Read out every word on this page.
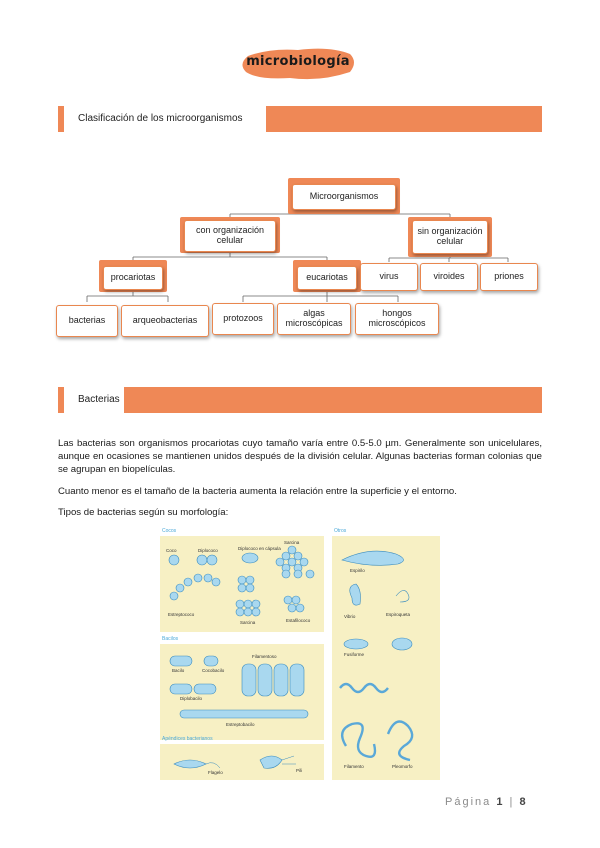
microbiología
Clasificación de los microorganismos
Microorganismos
con organización celular
sin organización celular
procariotas	eucariotas	virus	viroides	priones
bacterias	arqueobacterias	protozoos	algas microscópicas
hongos microscópicos
Bacterias

Las bacterias son organismos procariotas cuyo tamaño varía entre 0.5-5.0 µm. Generalmente son unicelulares, aunque en ocasiones se mantienen unidos después de la división celular. Algunas bacterias forman colonias que se agrupan en biopelículas.

Cuanto menor es el tamaño de la bacteria aumenta la relación entre la superficie y el entorno.

Tipos de bacterias según su morfología:

Cocos	Otros
Bacilos
Apéndices bacterianos
Coco	Diplococo	Diplococo en cápsula
Sarcina
Estreptococo
Sarcina	Estafilococo
Espirilo
Vibrio	Espiroqueta
Bacilo	Cocobacilo
Diplobacilo
Filamentoso
Estreptobacilo
Fusiforme
Filamento	Pleomorfo
Flagelo	Pili
Página 1 | 8
